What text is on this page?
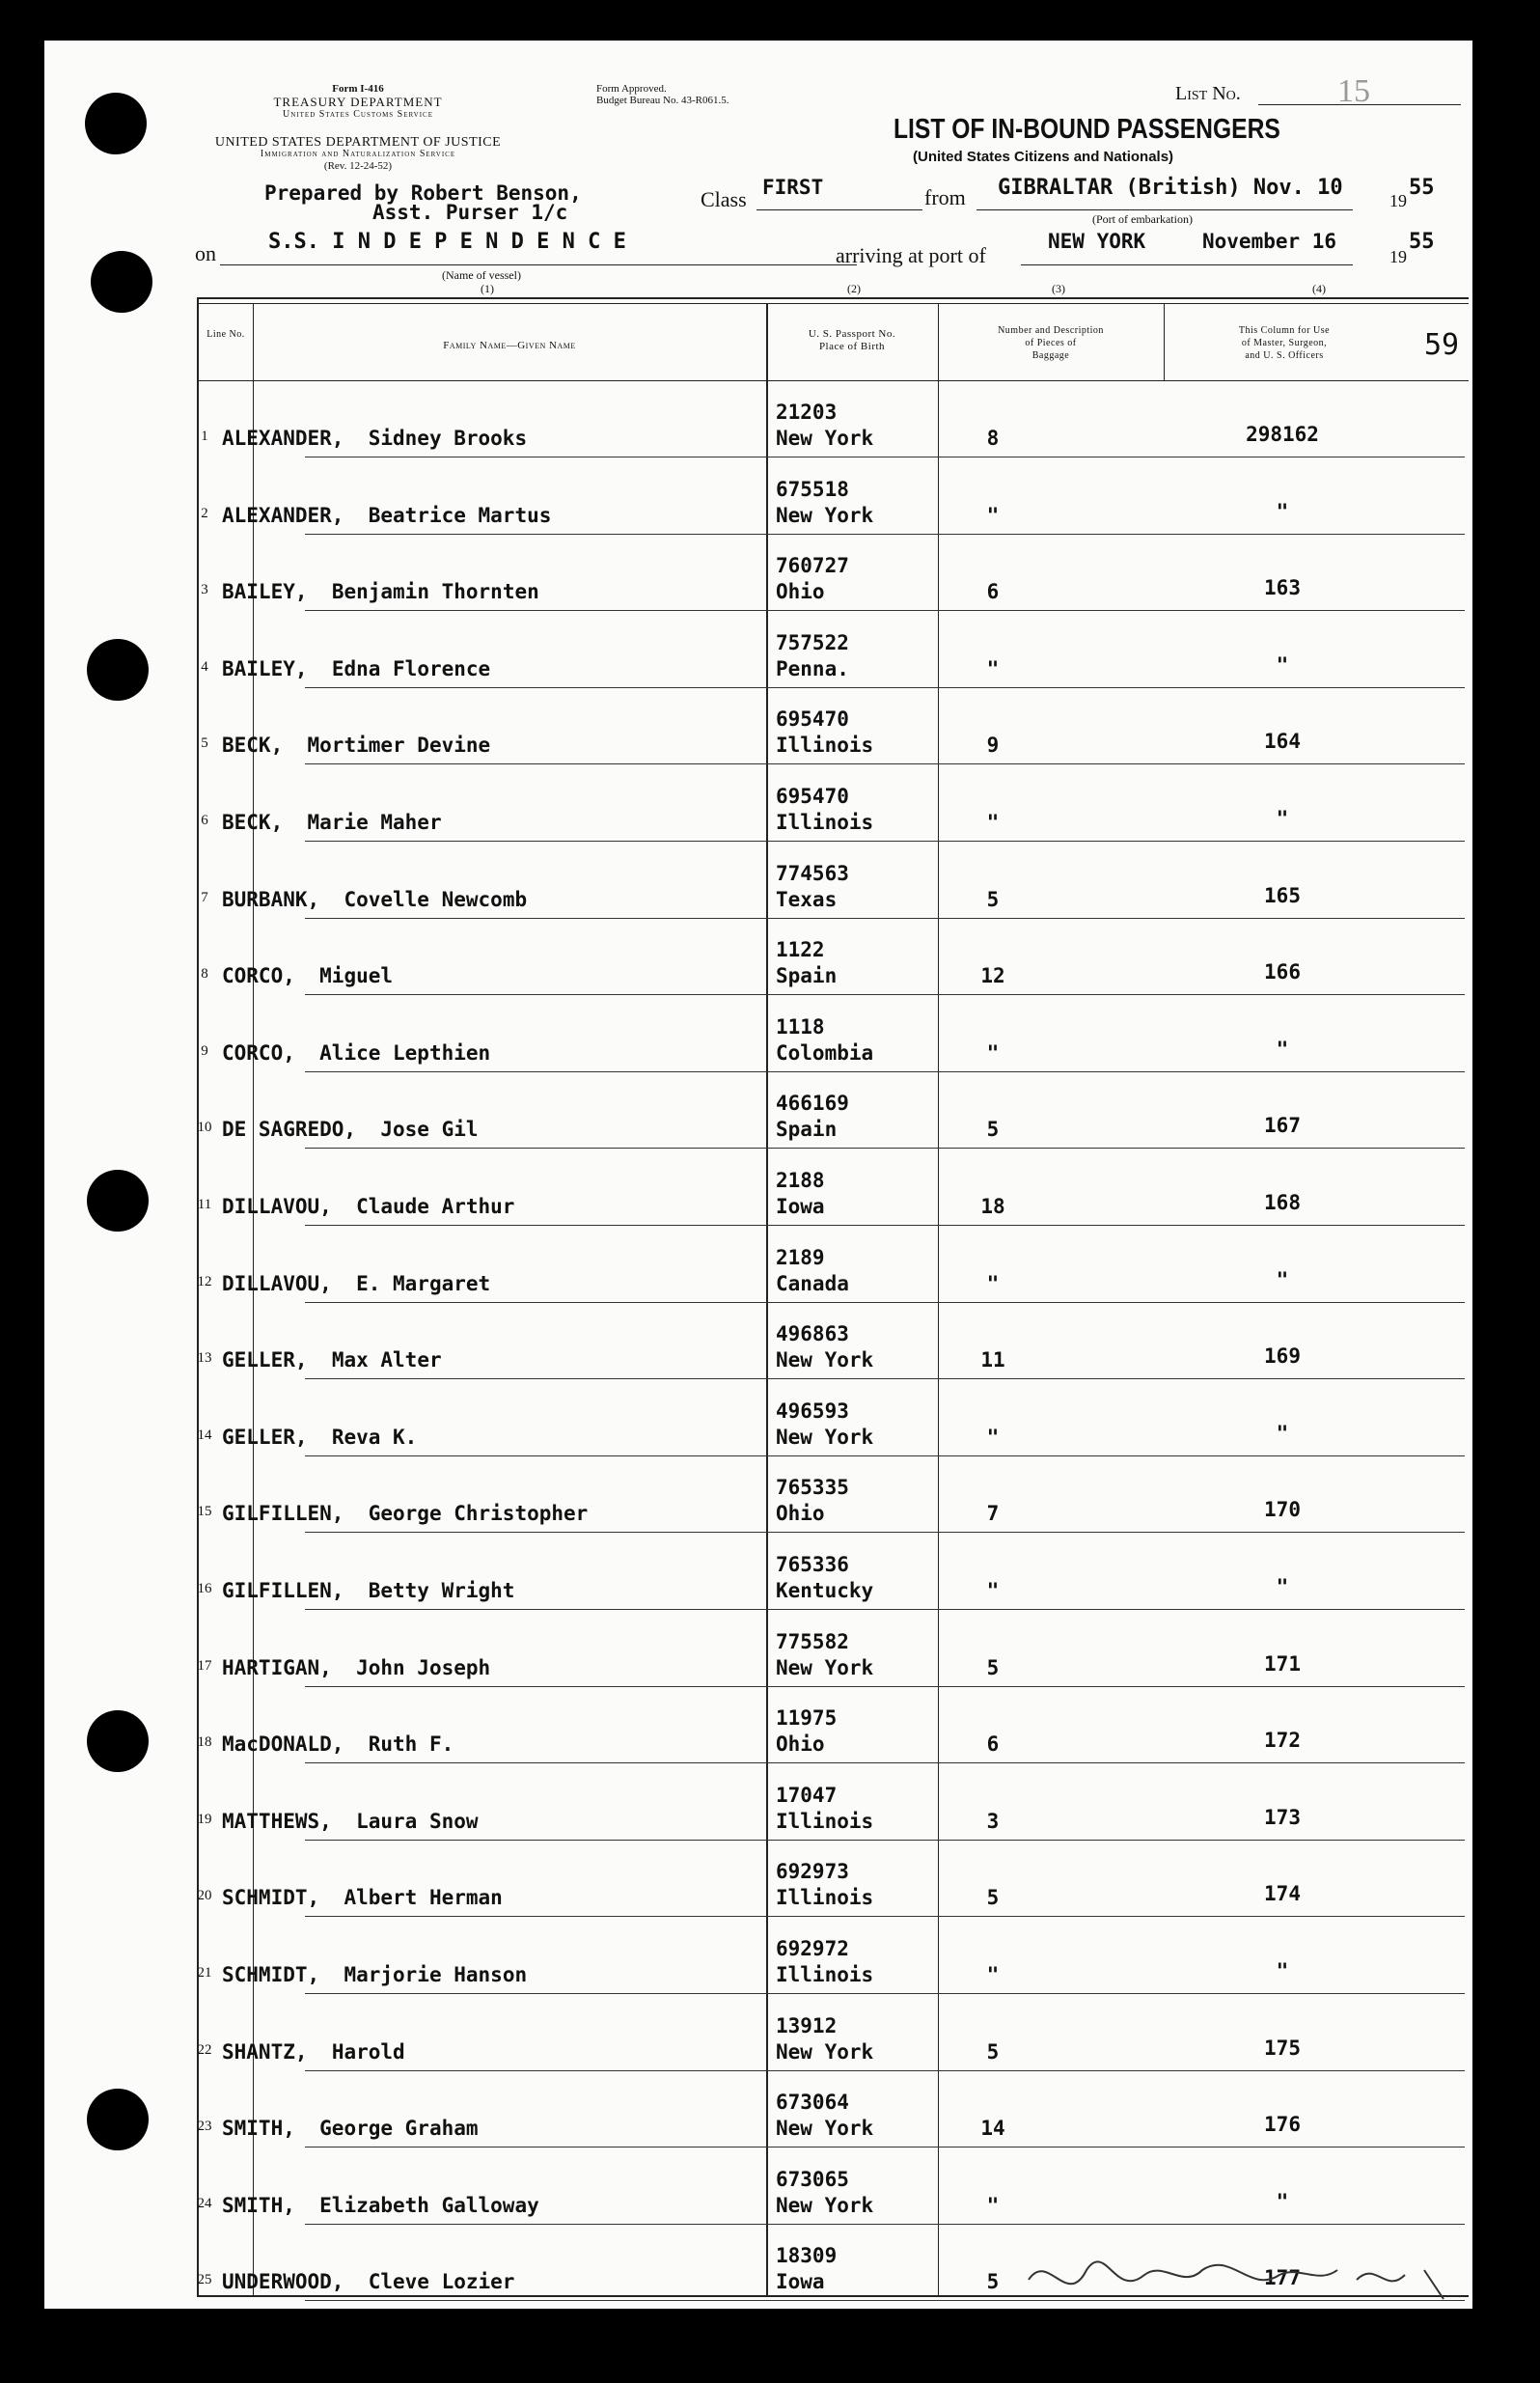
Form I-416
TREASURY DEPARTMENT
United States Customs Service
UNITED STATES DEPARTMENT OF JUSTICE
Immigration and Naturalization Service
(Rev. 12-24-52)
Form Approved.
Budget Bureau No. 43-R061.5.	List No.	15
LIST OF IN-BOUND PASSENGERS
(United States Citizens and Nationals)
Prepared by Robert Benson,
Asst. Purser 1/c
Class FIRST	from GIBRALTAR (British) Nov. 10
19
55
(Port of embarkation)
on S.S. I N D E P E N D E N C E
(Name of vessel)
arriving at port of
NEW YORK	November 16
19
55
(1)	(2)	(3)	(4)
Line No.
Family Name—Given Name
U. S. Passport No.
Place of Birth
Number and Description
of Pieces of
Baggage
This Column for Use
of Master, Surgeon,
and U. S. Officers	59
1 ALEXANDER, Sidney Brooks
21203
New York	8	298162
2 ALEXANDER, Beatrice Martus
675518
New York	"	"
3 BAILEY, Benjamin Thornten
760727
Ohio	6	163
4 BAILEY, Edna Florence
757522
Penna.	"	"
5 BECK, Mortimer Devine
695470
Illinois	9	164
6 BECK, Marie Maher
695470
Illinois	"	"
7 BURBANK, Covelle Newcomb
774563
Texas	5	165
8 CORCO, Miguel
1122
Spain	12	166
9 CORCO, Alice Lepthien
1118
Colombia	"	"
10 DE SAGREDO, Jose Gil
466169
Spain	5	167
11 DILLAVOU, Claude Arthur
2188
Iowa	18	168
12 DILLAVOU, E. Margaret
2189
Canada	"	"
13 GELLER, Max Alter
496863
New York	11	169
14 GELLER, Reva K.
496593
New York	"	"
15 GILFILLEN, George Christopher
765335
Ohio	7	170
16 GILFILLEN, Betty Wright
765336
Kentucky	"	"
17 HARTIGAN, John Joseph
775582
New York	5	171
18 MacDONALD, Ruth F.
11975
Ohio	6	172
19 MATTHEWS, Laura Snow
17047
Illinois	3	173
20 SCHMIDT, Albert Herman
692973
Illinois	5	174
21 SCHMIDT, Marjorie Hanson
692972
Illinois	"	"
22 SHANTZ, Harold
13912
New York	5	175
23 SMITH, George Graham
673064
New York	14	176
24 SMITH, Elizabeth Galloway
673065
New York	"	"
25 UNDERWOOD, Cleve Lozier
18309
Iowa	5	177
